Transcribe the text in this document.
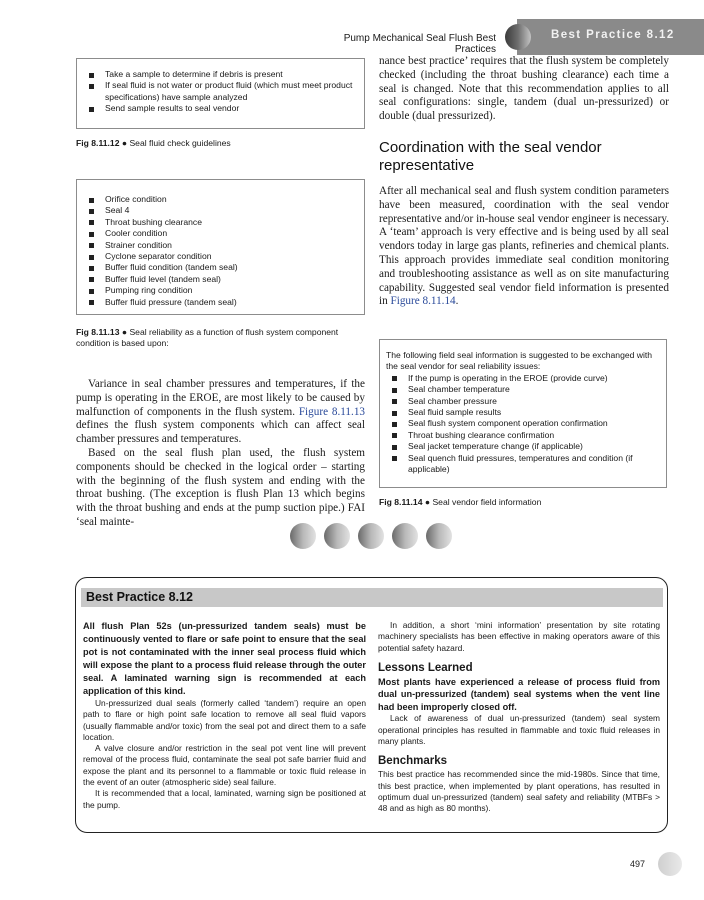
Pump Mechanical Seal Flush Best Practices
Best Practice 8.12
Take a sample to determine if debris is present
If seal fluid is not water or product fluid (which must meet product specifications) have sample analyzed
Send sample results to seal vendor
Fig 8.11.12 ● Seal fluid check guidelines
Orifice condition
Seal 4
Throat bushing clearance
Cooler condition
Strainer condition
Cyclone separator condition
Buffer fluid condition (tandem seal)
Buffer fluid level (tandem seal)
Pumping ring condition
Buffer fluid pressure (tandem seal)
Fig 8.11.13 ● Seal reliability as a function of flush system component condition is based upon:

Variance in seal chamber pressures and temperatures, if the pump is operating in the EROE, are most likely to be caused by malfunction of components in the flush system. Figure 8.11.13 defines the flush system components which can affect seal chamber pressures and temperatures.

Based on the seal flush plan used, the flush system components should be checked in the logical order – starting with the beginning of the flush system and ending with the throat bushing. (The exception is flush Plan 13 which begins with the throat bushing and ends at the pump suction pipe.) FAI ‘seal mainte-

nance best practice’ requires that the flush system be completely checked (including the throat bushing clearance) each time a seal is changed. Note that this recommendation applies to all seal configurations: single, tandem (dual un-pressurized) or double (dual pressurized).

Coordination with the seal vendor representative

After all mechanical seal and flush system condition parameters have been measured, coordination with the seal vendor representative and/or in-house seal vendor engineer is necessary. A ‘team’ approach is very effective and is being used by all seal vendors today in large gas plants, refineries and chemical plants. This approach provides immediate seal condition monitoring and troubleshooting assistance as well as on site manufacturing capability. Suggested seal vendor field information is presented in Figure 8.11.14.

The following field seal information is suggested to be exchanged with the seal vendor for seal reliability issues:
If the pump is operating in the EROE (provide curve)
Seal chamber temperature
Seal chamber pressure
Seal fluid sample results
Seal flush system component operation confirmation
Throat bushing clearance confirmation
Seal jacket temperature change (if applicable)
Seal quench fluid pressures, temperatures and condition (if applicable)
Fig 8.11.14 ● Seal vendor field information
Best Practice 8.12

All flush Plan 52s (un-pressurized tandem seals) must be continuously vented to flare or safe point to ensure that the seal pot is not contaminated with the inner seal process fluid which will expose the plant to a process fluid release through the outer seal. A laminated warning sign is recommended at each application of this kind.

Un-pressurized dual seals (formerly called ‘tandem’) require an open path to flare or high point safe location to remove all seal fluid vapors (usually flammable and/or toxic) from the seal pot and direct them to a safe location.

A valve closure and/or restriction in the seal pot vent line will prevent removal of the process fluid, contaminate the seal pot safe barrier fluid and expose the plant and its personnel to a flammable or toxic fluid release in the event of an outer (atmospheric side) seal failure.

It is recommended that a local, laminated, warning sign be positioned at the pump.

In addition, a short ‘mini information’ presentation by site rotating machinery specialists has been effective in making operators aware of this potential safety hazard.

Lessons Learned

Most plants have experienced a release of process fluid from dual un-pressurized (tandem) seal systems when the vent line had been improperly closed off.

Lack of awareness of dual un-pressurized (tandem) seal system operational principles has resulted in flammable and toxic fluid releases in many plants.

Benchmarks

This best practice has recommended since the mid-1980s. Since that time, this best practice, when implemented by plant operations, has resulted in optimum dual un-pressurized (tandem) seal safety and reliability (MTBFs > 48 and as high as 80 months).

497
